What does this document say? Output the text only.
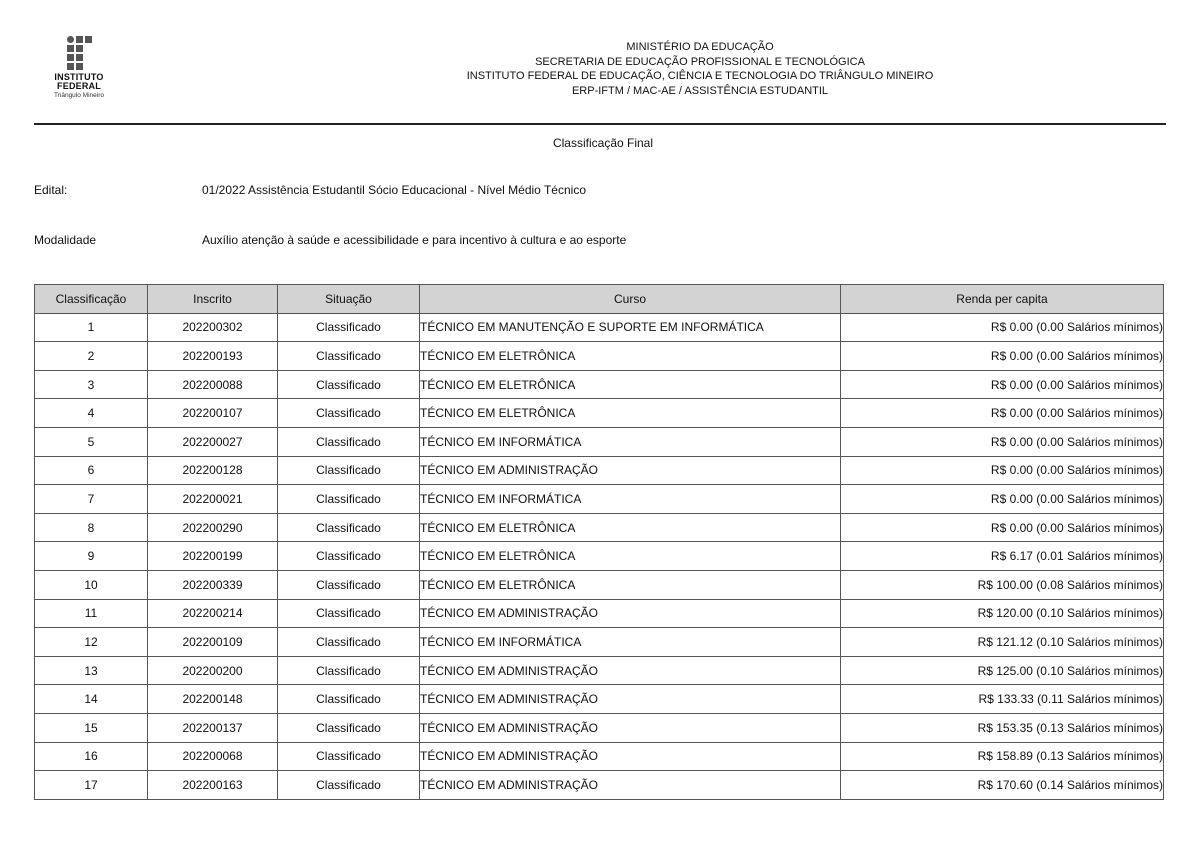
INSTITUTO
FEDERAL
Triângulo Mineiro
MINISTÉRIO DA EDUCAÇÃO
SECRETARIA DE EDUCAÇÃO PROFISSIONAL E TECNOLÓGICA
INSTITUTO FEDERAL DE EDUCAÇÃO, CIÊNCIA E TECNOLOGIA DO TRIÂNGULO MINEIRO
ERP-IFTM / MAC-AE / ASSISTÊNCIA ESTUDANTIL
Classificação Final
Edital:	01/2022 Assistência Estudantil Sócio Educacional - Nível Médio Técnico
Modalidade	Auxílio atenção à saúde e acessibilidade e para incentivo à cultura e ao esporte
Classificação	Inscrito	Situação	Curso	Renda per capita
1	202200302	Classificado	TÉCNICO EM MANUTENÇÃO E SUPORTE EM INFORMÁTICA	R$ 0.00 (0.00 Salários mínimos)
2	202200193	Classificado	TÉCNICO EM ELETRÔNICA	R$ 0.00 (0.00 Salários mínimos)
3	202200088	Classificado	TÉCNICO EM ELETRÔNICA	R$ 0.00 (0.00 Salários mínimos)
4	202200107	Classificado	TÉCNICO EM ELETRÔNICA	R$ 0.00 (0.00 Salários mínimos)
5	202200027	Classificado	TÉCNICO EM INFORMÁTICA	R$ 0.00 (0.00 Salários mínimos)
6	202200128	Classificado	TÉCNICO EM ADMINISTRAÇÃO	R$ 0.00 (0.00 Salários mínimos)
7	202200021	Classificado	TÉCNICO EM INFORMÁTICA	R$ 0.00 (0.00 Salários mínimos)
8	202200290	Classificado	TÉCNICO EM ELETRÔNICA	R$ 0.00 (0.00 Salários mínimos)
9	202200199	Classificado	TÉCNICO EM ELETRÔNICA	R$ 6.17 (0.01 Salários mínimos)
10	202200339	Classificado	TÉCNICO EM ELETRÔNICA	R$ 100.00 (0.08 Salários mínimos)
11	202200214	Classificado	TÉCNICO EM ADMINISTRAÇÃO	R$ 120.00 (0.10 Salários mínimos)
12	202200109	Classificado	TÉCNICO EM INFORMÁTICA	R$ 121.12 (0.10 Salários mínimos)
13	202200200	Classificado	TÉCNICO EM ADMINISTRAÇÃO	R$ 125.00 (0.10 Salários mínimos)
14	202200148	Classificado	TÉCNICO EM ADMINISTRAÇÃO	R$ 133.33 (0.11 Salários mínimos)
15	202200137	Classificado	TÉCNICO EM ADMINISTRAÇÃO	R$ 153.35 (0.13 Salários mínimos)
16	202200068	Classificado	TÉCNICO EM ADMINISTRAÇÃO	R$ 158.89 (0.13 Salários mínimos)
17	202200163	Classificado	TÉCNICO EM ADMINISTRAÇÃO	R$ 170.60 (0.14 Salários mínimos)
